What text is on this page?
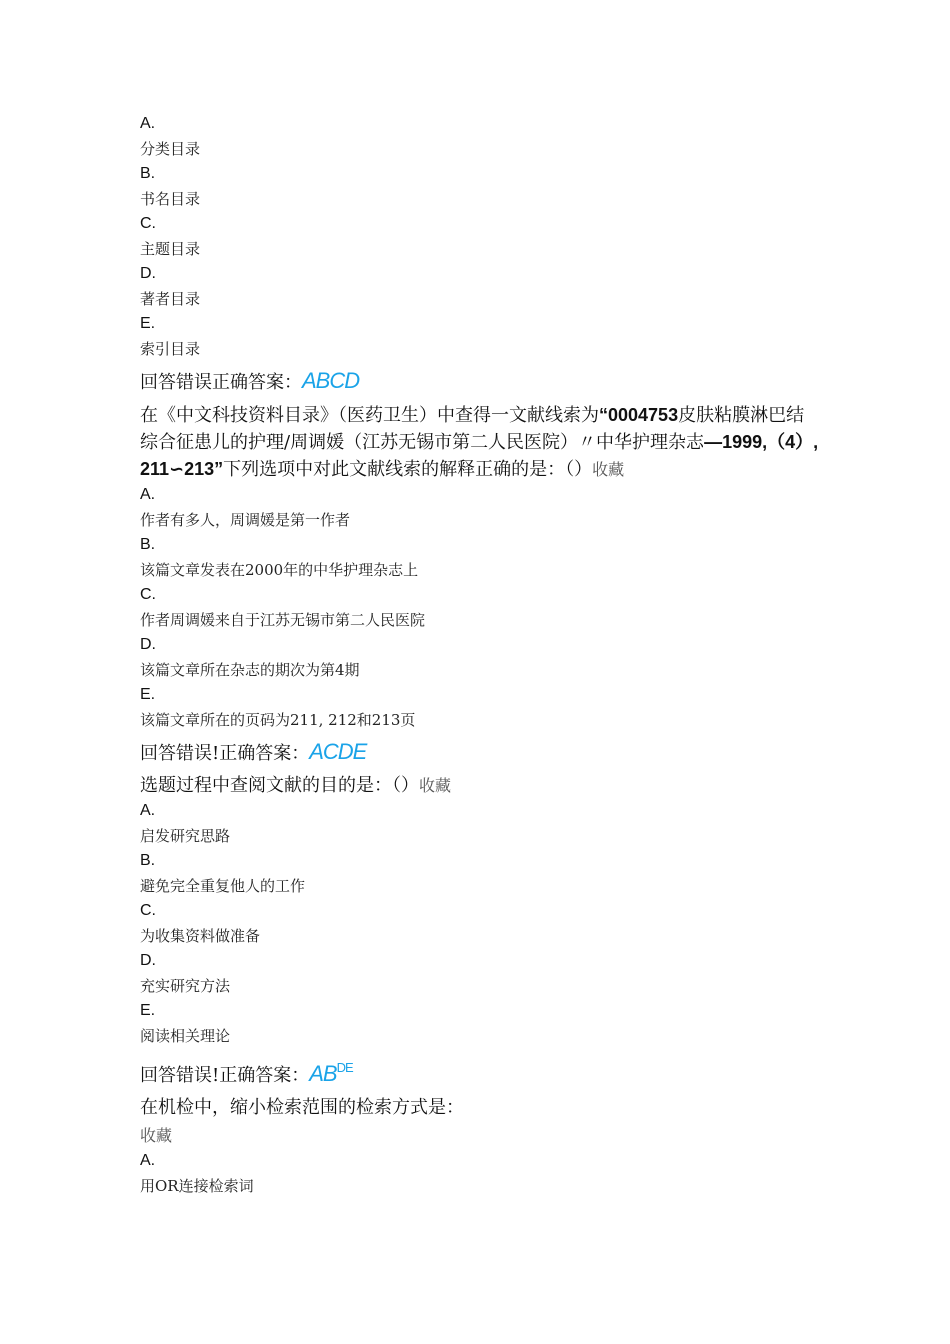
A.

分类目录

B.

书名目录

C.

主题目录

D.

著者目录

E.

索引目录

回答错误正确答案：ABCD

在《中文科技资料目录》（医药卫生）中查得一文献线索为“0004753皮肤粘膜淋巴结综合征患儿的护理/周调媛（江苏无锡市第二人民医院）〃中华护理杂志—1999,（4）, 211∽213”下列选项中对此文献线索的解释正确的是：（）收藏

A.

作者有多人，周调媛是第一作者

B.

该篇文章发表在2000年的中华护理杂志上

C.

作者周调媛来自于江苏无锡市第二人民医院

D.

该篇文章所在杂志的期次为第4期

E.

该篇文章所在的页码为211, 212和213页

回答错误!正确答案：ACDE

选题过程中查阅文献的目的是：（）收藏

A.

启发研究思路

B.

避免完全重复他人的工作

C.

为收集资料做准备

D.

充实研究方法

E.

阅读相关理论

回答错误!正确答案：$AB^{DE}$

在机检中，缩小检索范围的检索方式是：

收藏

A.

用OR连接检索词
